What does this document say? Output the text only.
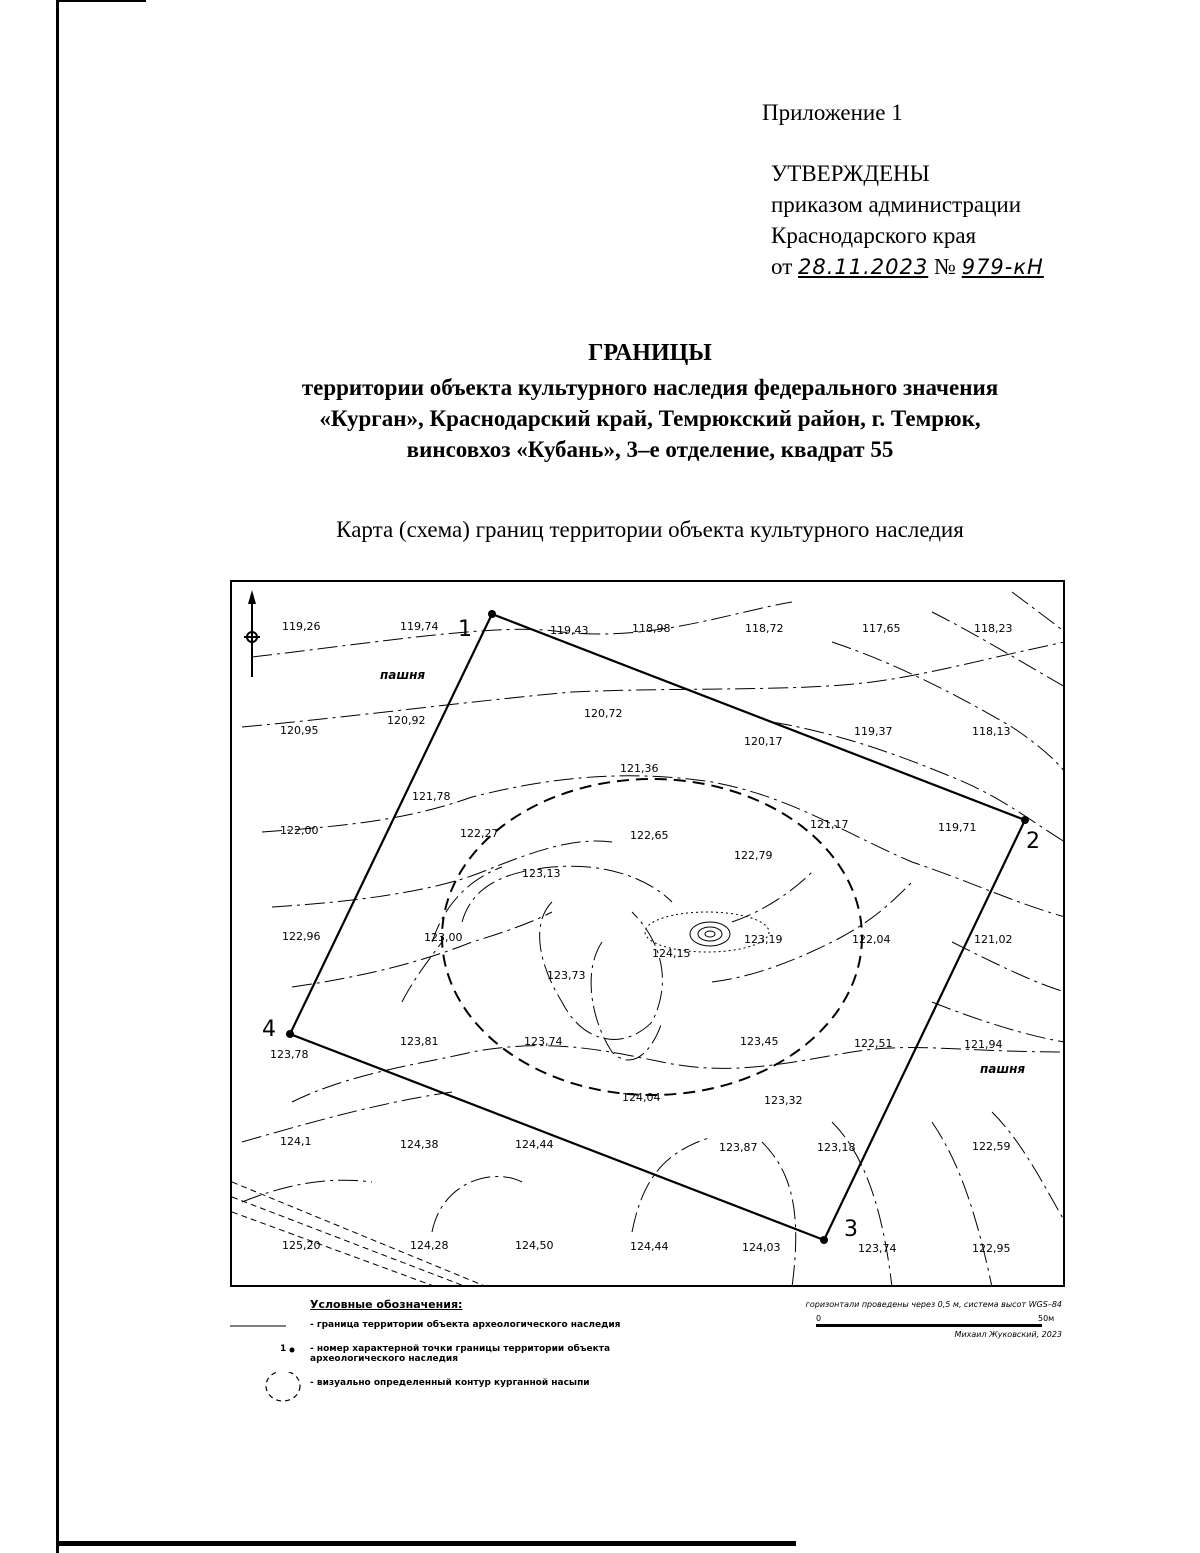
Приложение 1
УТВЕРЖДЕНЫ
приказом администрации
Краснодарского края
от 28.11.2023 № 979-кН
ГРАНИЦЫ
территории объекта культурного наследия федерального значения
«Курган», Краснодарский край, Темрюкский район, г. Темрюк,
винсовхоз «Кубань», 3–е отделение, квадрат 55
Карта (схема) границ территории объекта культурного наследия
1
2
3
4
пашня
пашня
119,26	119,74	119,43	118,98	118,72	117,65	118,23
120,95
120,92
120,72
120,17
119,37	118,13
121,36
121,78
121,17	119,71
122,00	122,27	122,65
122,79
123,13
122,96	123,00	123,19
124,15
122,04	121,02
123,73
123,81	123,74	123,45	122,51	121,94
123,78
124,04	123,32
124,1	124,38	124,44	123,87	123,18	122,59
125,20	124,28	124,50	124,44	124,03	123,74	122,95
Условные обозначения:
- граница территории объекта археологического наследия
1	- номер характерной точки границы территории объекта археологического наследия
- визуально определенный контур курганной насыпи
горизонтали проведены через 0,5 м, система высот WGS–84
0	50м
Михаил Жуковский, 2023
